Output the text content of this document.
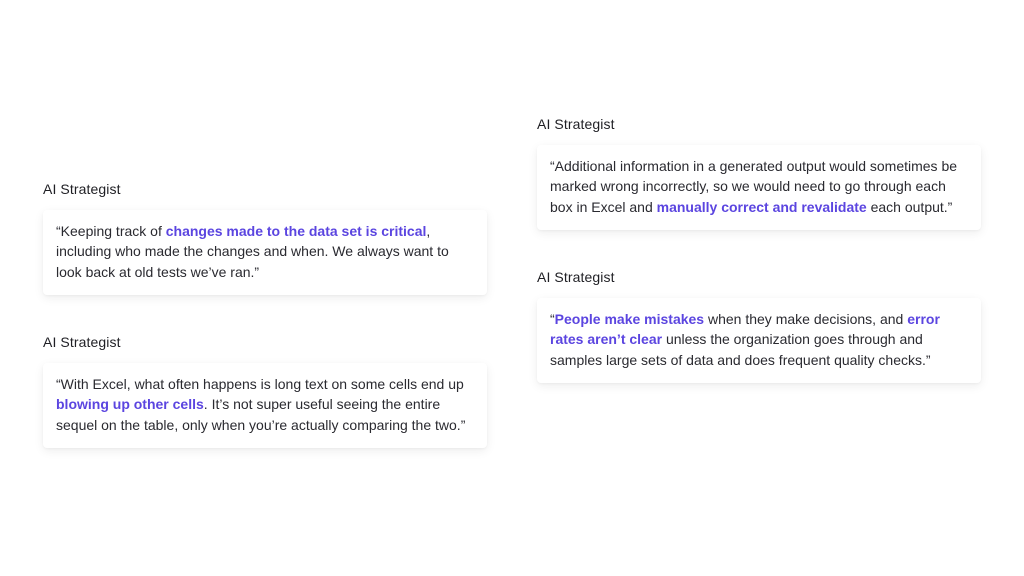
AI Strategist

“Keeping track of changes made to the data set is critical, including who made the changes and when. We always want to look back at old tests we’ve ran.”

AI Strategist

“With Excel, what often happens is long text on some cells end up blowing up other cells. It’s not super useful seeing the entire sequel on the table, only when you’re actually comparing the two.”

AI Strategist

“Additional information in a generated output would sometimes be marked wrong incorrectly, so we would need to go through each box in Excel and manually correct and revalidate each output.”

AI Strategist

“People make mistakes when they make decisions, and error rates aren’t clear unless the organization goes through and samples large sets of data and does frequent quality checks.”
